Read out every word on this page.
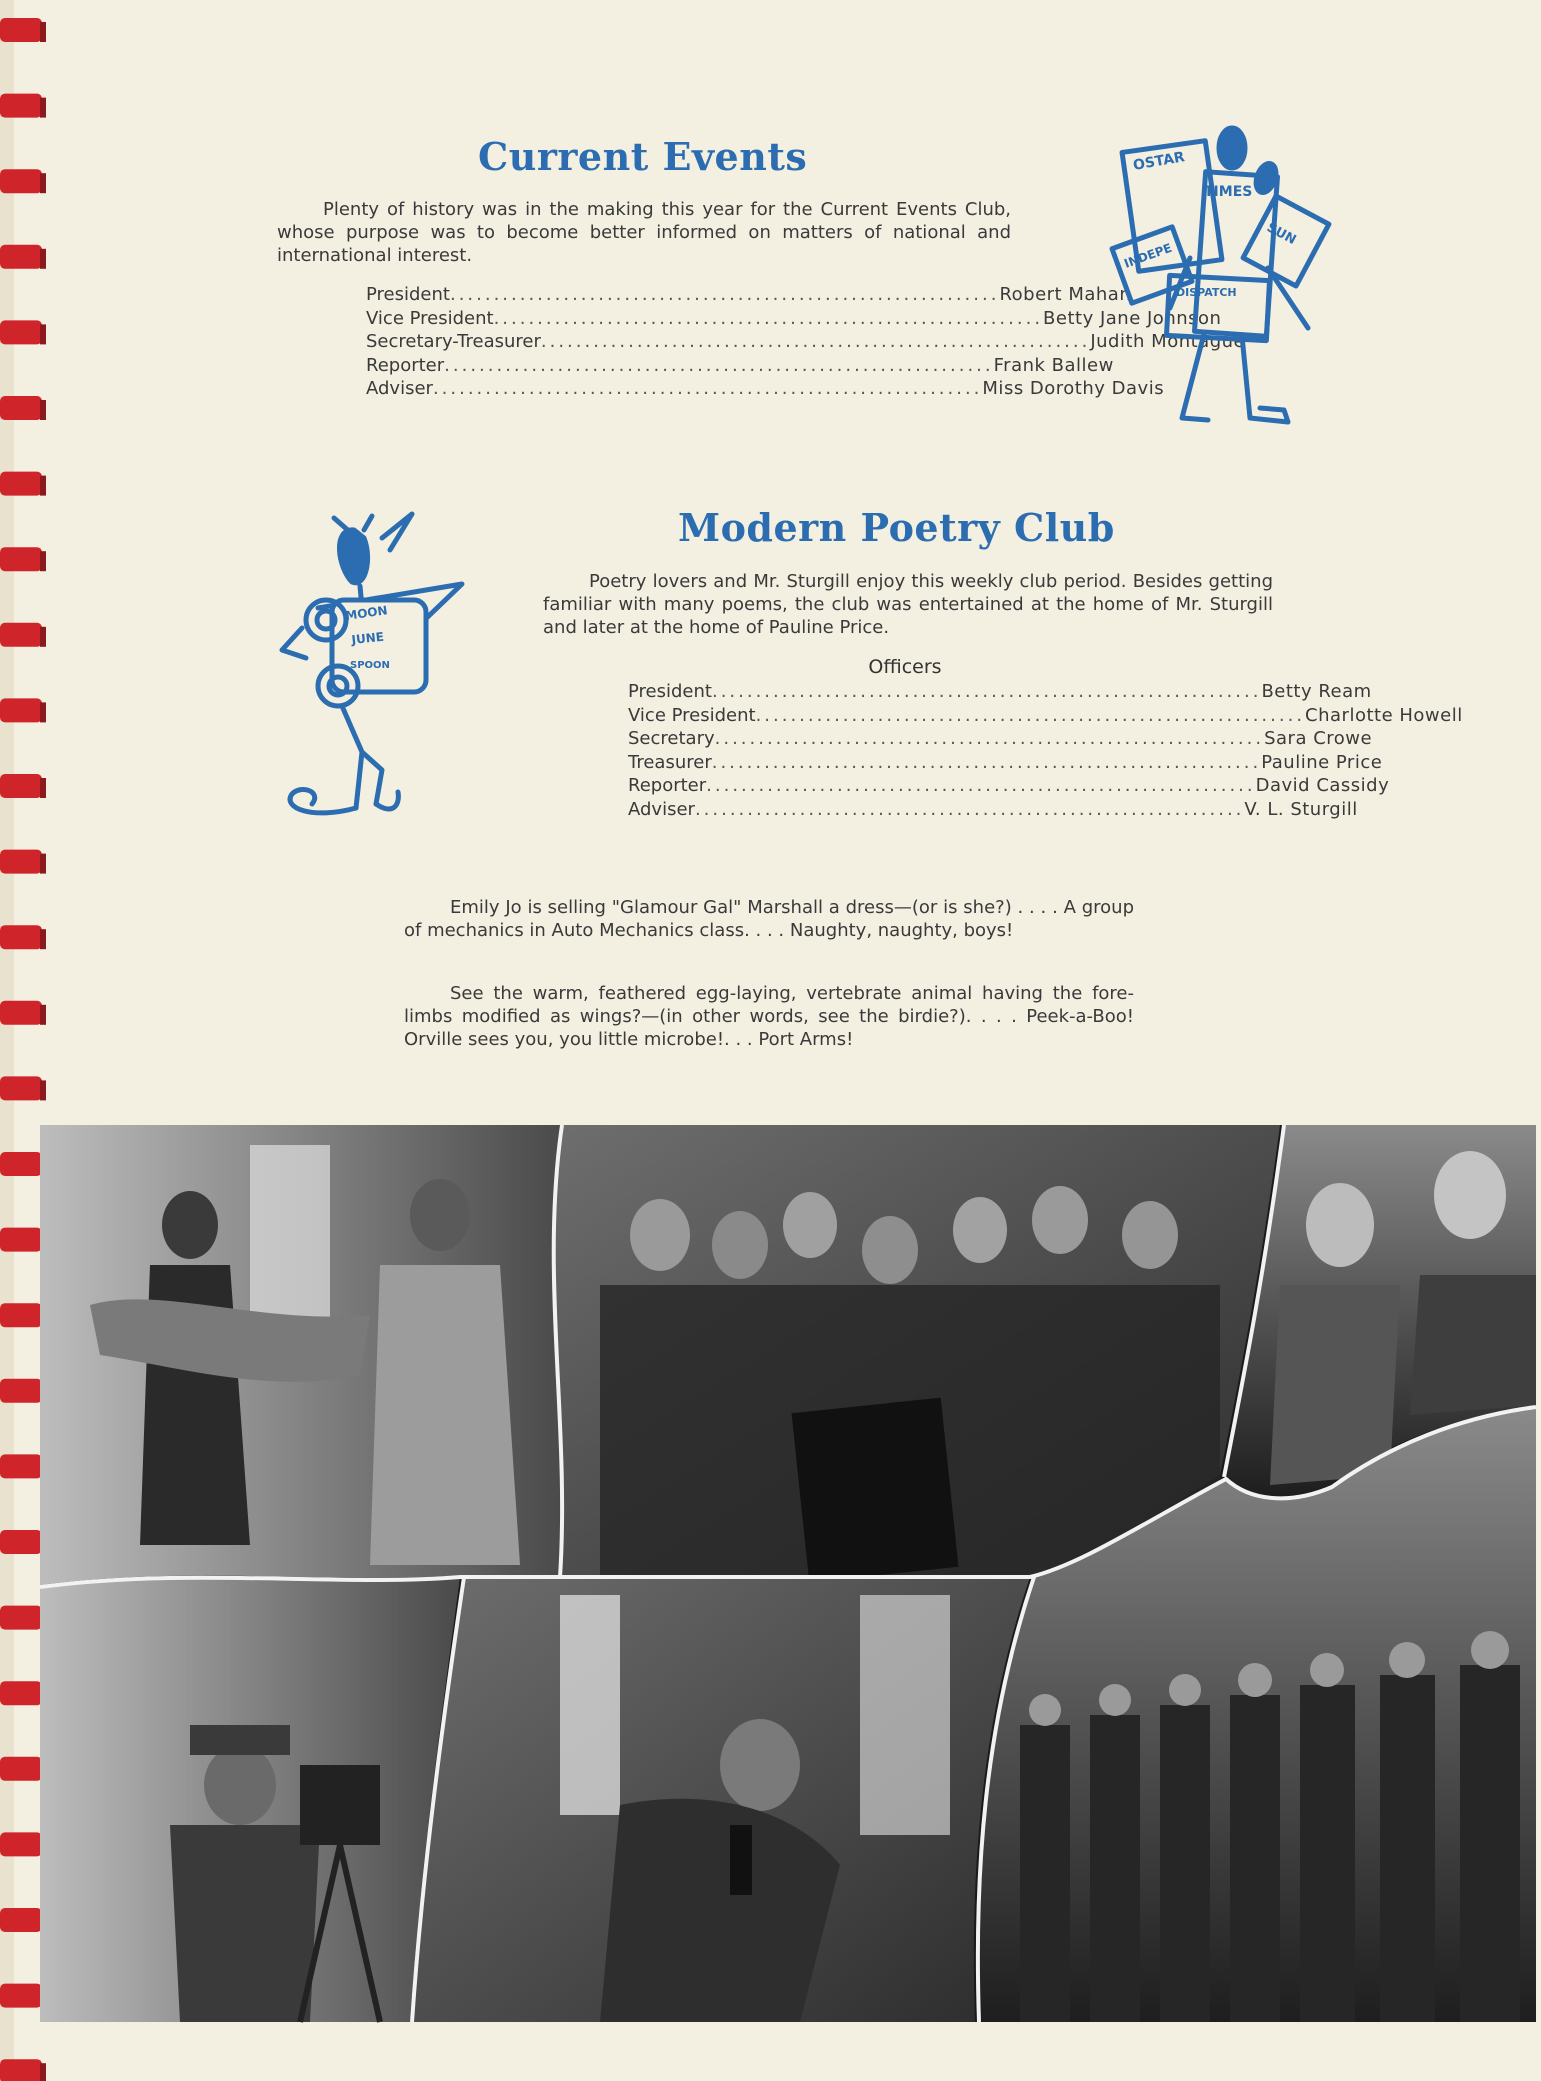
Current Events

Plenty of history was in the making this year for the Current Events Club, whose purpose was to become better informed on matters of national and international interest.

President ............................................................... Robert Mahan
Vice President ............................................................... Betty Jane Johnson
Secretary-Treasurer ............................................................... Judith Montague
Reporter ............................................................... Frank Ballew
Adviser ............................................................... Miss Dorothy Davis
OSTAR
TIMES
SUN
INDEPE
DISPATCH
Modern Poetry Club

Poetry lovers and Mr. Sturgill enjoy this weekly club period. Besides getting familiar with many poems, the club was entertained at the home of Mr. Sturgill and later at the home of Pauline Price.

Officers

President ............................................................... Betty Ream
Vice President ............................................................... Charlotte Howell
Secretary ............................................................... Sara Crowe
Treasurer ............................................................... Pauline Price
Reporter ............................................................... David Cassidy
Adviser ............................................................... V. L. Sturgill
MOON
JUNE
SPOON

Emily Jo is selling "Glamour Gal" Marshall a dress—(or is she?) . . . . A group of mechanics in Auto Mechanics class. . . . Naughty, naughty, boys!

See the warm, feathered egg-laying, vertebrate animal having the fore-limbs modified as wings?—(in other words, see the birdie?). . . . Peek-a-Boo! Orville sees you, you little microbe!. . . Port Arms!
